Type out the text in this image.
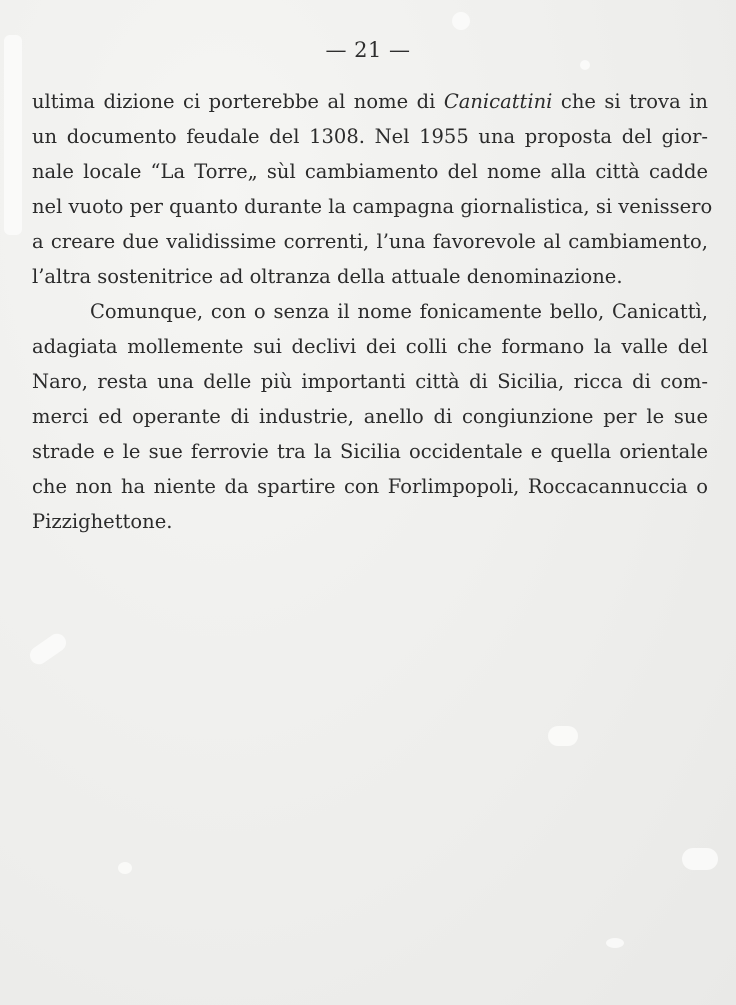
— 21 —

ultima dizione ci porterebbe al nome di Canicattini che si trova in
un documento feudale del 1308. Nel 1955 una proposta del gior-
nale locale “La Torre„ sùl cambiamento del nome alla città cadde
nel vuoto per quanto durante la campagna giornalistica, si venissero
a creare due validissime correnti, l’una favorevole al cambiamento,
l’altra sostenitrice ad oltranza della attuale denominazione.

Comunque, con o senza il nome fonicamente bello, Canicattì,
adagiata mollemente sui declivi dei colli che formano la valle del
Naro, resta una delle più importanti città di Sicilia, ricca di com-
merci ed operante di industrie, anello di congiunzione per le sue
strade e le sue ferrovie tra la Sicilia occidentale e quella orientale
che non ha niente da spartire con Forlimpopoli, Roccacannuccia o
Pizzighettone.
